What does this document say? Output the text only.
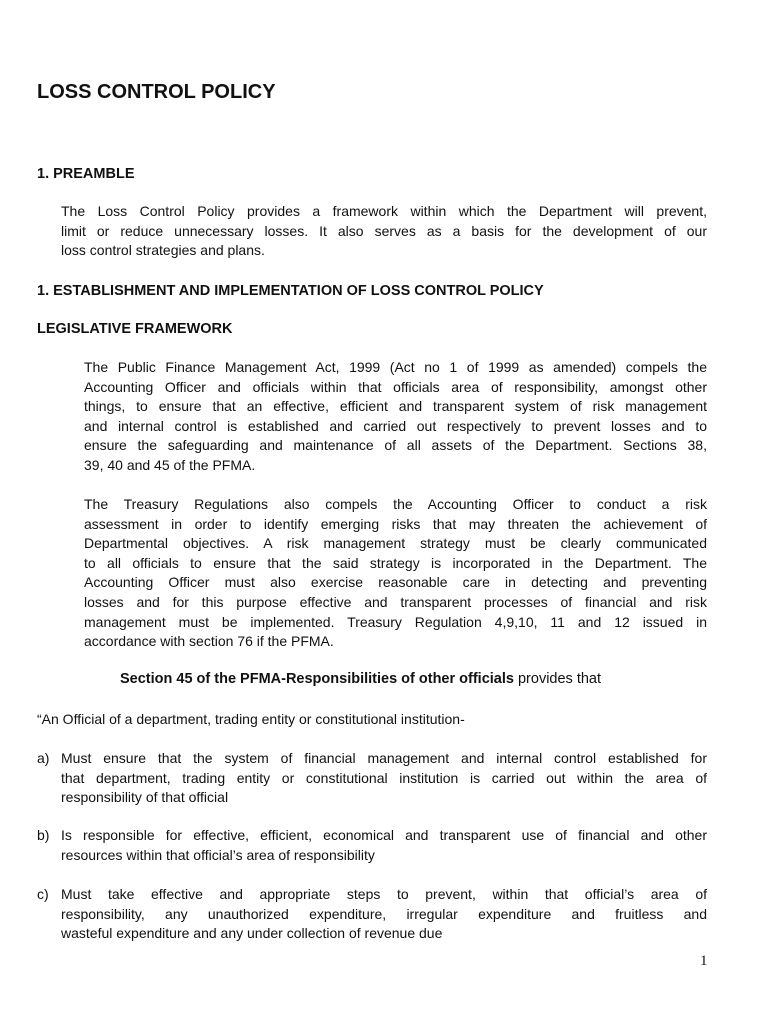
LOSS CONTROL POLICY
1. PREAMBLE
The Loss Control Policy provides a framework within which the Department will prevent,
limit or reduce unnecessary losses. It also serves as a basis for the development of our
loss control strategies and plans.
1. ESTABLISHMENT AND IMPLEMENTATION OF LOSS CONTROL POLICY
LEGISLATIVE FRAMEWORK
The Public Finance Management Act, 1999 (Act no 1 of 1999 as amended) compels the
Accounting Officer and officials within that officials area of responsibility, amongst other
things, to ensure that an effective, efficient and transparent system of risk management
and internal control is established and carried out respectively to prevent losses and to
ensure the safeguarding and maintenance of all assets of the Department. Sections 38,
39, 40 and 45 of the PFMA.
The Treasury Regulations also compels the Accounting Officer to conduct a risk
assessment in order to identify emerging risks that may threaten the achievement of
Departmental objectives. A risk management strategy must be clearly communicated
to all officials to ensure that the said strategy is incorporated in the Department. The
Accounting Officer must also exercise reasonable care in detecting and preventing
losses and for this purpose effective and transparent processes of financial and risk
management must be implemented. Treasury Regulation 4,9,10, 11 and 12 issued in
accordance with section 76 if the PFMA.
Section 45 of the PFMA-Responsibilities of other officials provides that
“An Official of a department, trading entity or constitutional institution-
a) Must ensure that the system of financial management and internal control established for
that department, trading entity or constitutional institution is carried out within the area of
responsibility of that official
b) Is responsible for effective, efficient, economical and transparent use of financial and other
resources within that official’s area of responsibility
c) Must take effective and appropriate steps to prevent, within that official’s area of
responsibility, any unauthorized expenditure, irregular expenditure and fruitless and
wasteful expenditure and any under collection of revenue due
1
